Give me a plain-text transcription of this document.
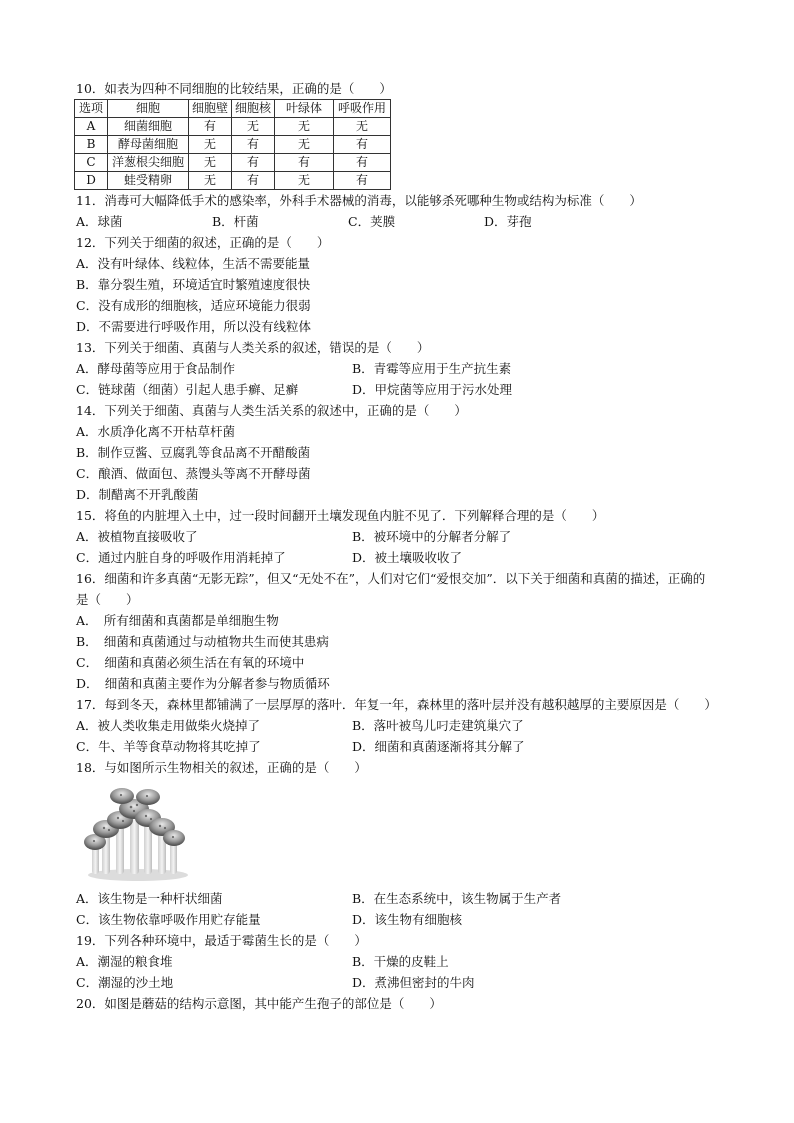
10．如表为四种不同细胞的比较结果，正确的是（　　）
选项	细胞	细胞壁	细胞核	叶绿体	呼吸作用
A	细菌细胞	有	无	无	无
B	酵母菌细胞	无	有	无	有
C	洋葱根尖细胞	无	有	有	有
D	蛙受精卵	无	有	无	有
11．消毒可大幅降低手术的感染率，外科手术器械的消毒，以能够杀死哪种生物或结构为标准（　　）
A．球菌	B．杆菌	C．荚膜	D．芽孢
12．下列关于细菌的叙述，正确的是（　　）
A．没有叶绿体、线粒体，生活不需要能量
B．靠分裂生殖，环境适宜时繁殖速度很快
C．没有成形的细胞核，适应环境能力很弱
D．不需要进行呼吸作用，所以没有线粒体
13．下列关于细菌、真菌与人类关系的叙述，错误的是（　　）
A．酵母菌等应用于食品制作	B．青霉等应用于生产抗生素
C．链球菌（细菌）引起人患手癣、足癣	D．甲烷菌等应用于污水处理
14．下列关于细菌、真菌与人类生活关系的叙述中，正确的是（　　）
A．水质净化离不开枯草杆菌
B．制作豆酱、豆腐乳等食品离不开醋酸菌
C．酿酒、做面包、蒸馒头等离不开酵母菌
D．制醋离不开乳酸菌
15．将鱼的内脏埋入土中，过一段时间翻开土壤发现鱼内脏不见了．下列解释合理的是（　　）
A．被植物直接吸收了	B．被环境中的分解者分解了
C．通过内脏自身的呼吸作用消耗掉了	D．被土壤吸收收了
16．细菌和许多真菌“无影无踪”，但又“无处不在”，人们对它们“爱恨交加”．以下关于细菌和真菌的描述，正确的是（　　）
A．　所有细菌和真菌都是单细胞生物
B．　细菌和真菌通过与动植物共生而使其患病
C．　细菌和真菌必须生活在有氧的环境中
D．　细菌和真菌主要作为分解者参与物质循环
17．每到冬天，森林里都铺满了一层厚厚的落叶．年复一年，森林里的落叶层并没有越积越厚的主要原因是（　　）
A．被人类收集走用做柴火烧掉了	B．落叶被鸟儿叼走建筑巢穴了
C．牛、羊等食草动物将其吃掉了	D．细菌和真菌逐渐将其分解了
18．与如图所示生物相关的叙述，正确的是（　　）
A．该生物是一种杆状细菌	B．在生态系统中，该生物属于生产者
C．该生物依靠呼吸作用贮存能量	D．该生物有细胞核
19．下列各种环境中，最适于霉菌生长的是（　　）
A．潮湿的粮食堆	B．干燥的皮鞋上
C．潮湿的沙土地	D．煮沸但密封的牛肉
20．如图是蘑菇的结构示意图，其中能产生孢子的部位是（　　）
